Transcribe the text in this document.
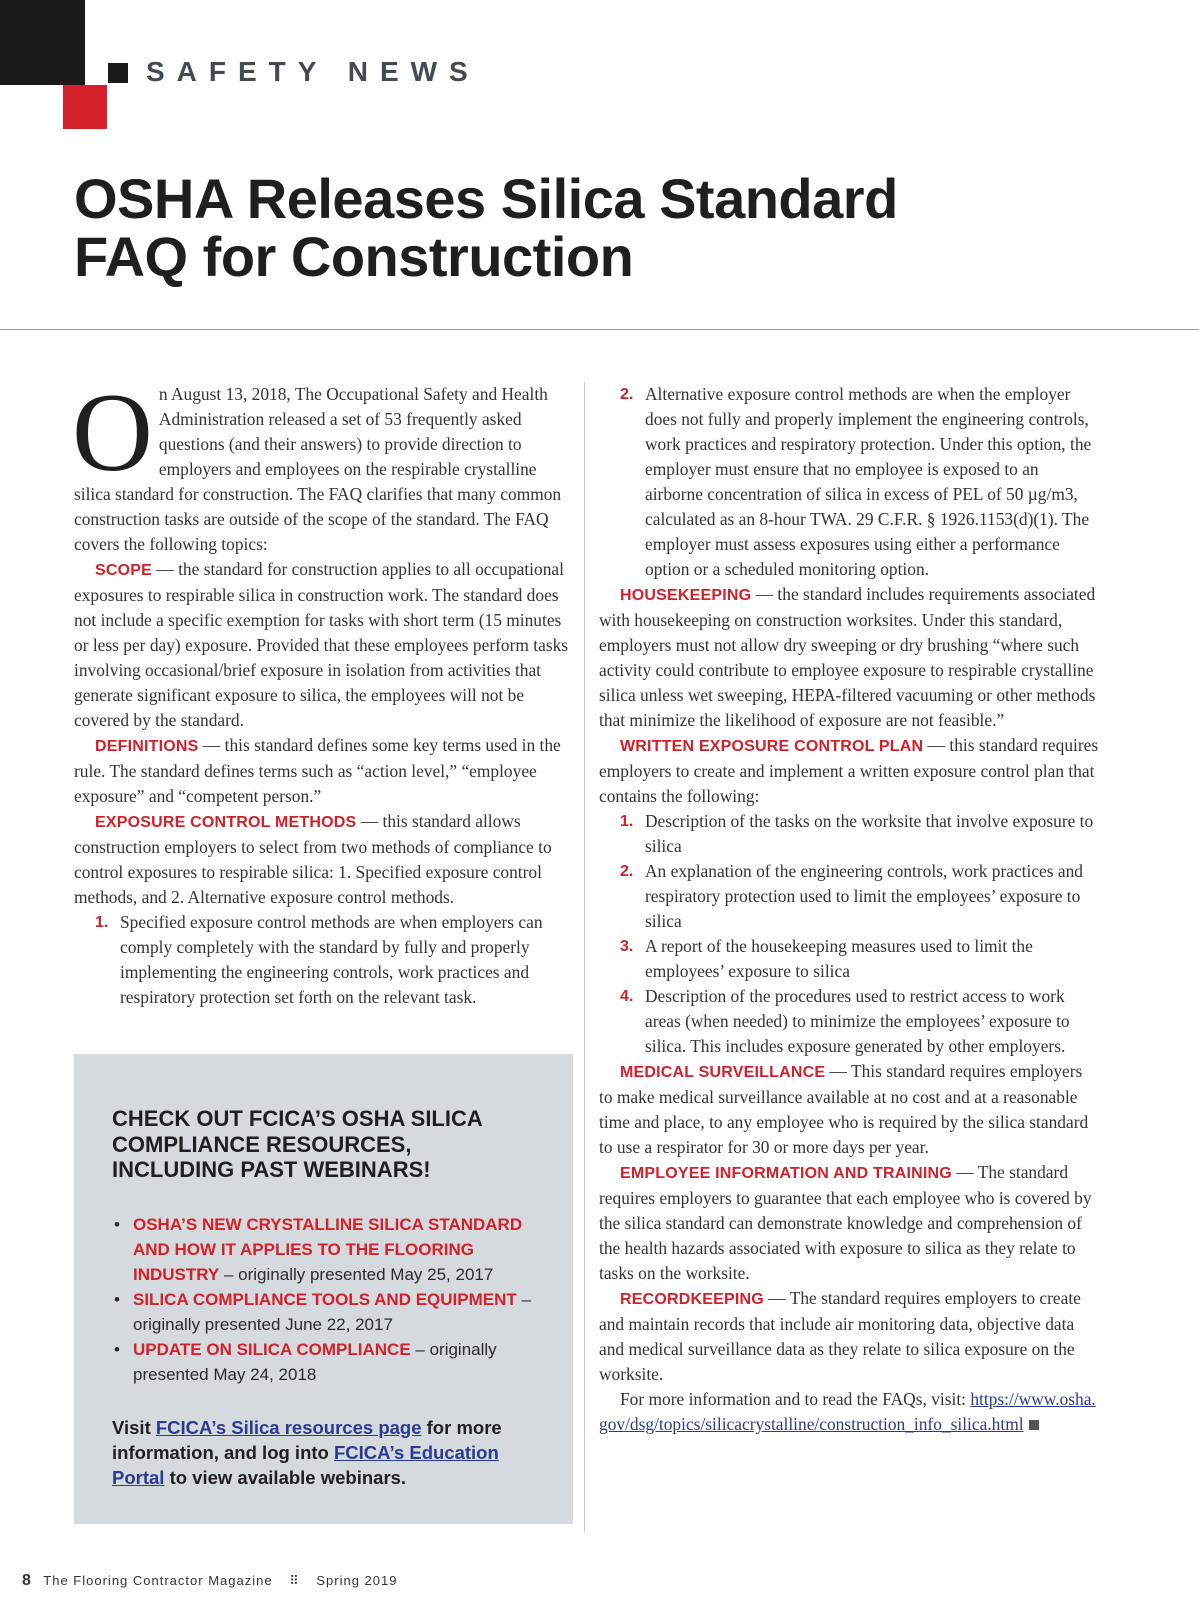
SAFETY NEWS
OSHA Releases Silica Standard
FAQ for Construction

On August 13, 2018, The Occupational Safety and Health Administration released a set of 53 frequently asked questions (and their answers) to provide direction to employers and employees on the respirable crystalline silica standard for construction. The FAQ clarifies that many common construction tasks are outside of the scope of the standard. The FAQ covers the following topics:

SCOPE — the standard for construction applies to all occupational exposures to respirable silica in construction work. The standard does not include a specific exemption for tasks with short term (15 minutes or less per day) exposure. Provided that these employees perform tasks involving occasional/brief exposure in isolation from activities that generate significant exposure to silica, the employees will not be covered by the standard.

DEFINITIONS — this standard defines some key terms used in the rule. The standard defines terms such as “action level,” “employee exposure” and “competent person.”

EXPOSURE CONTROL METHODS — this standard allows construction employers to select from two methods of compliance to control exposures to respirable silica: 1. Specified exposure control methods, and 2. Alternative exposure control methods.

1. Specified exposure control methods are when employers can comply completely with the standard by fully and properly implementing the engineering controls, work practices and respiratory protection set forth on the relevant task.

CHECK OUT FCICA’S OSHA SILICA COMPLIANCE RESOURCES, INCLUDING PAST WEBINARS!
• OSHA’S NEW CRYSTALLINE SILICA STANDARD AND HOW IT APPLIES TO THE FLOORING INDUSTRY – originally presented May 25, 2017
• SILICA COMPLIANCE TOOLS AND EQUIPMENT – originally presented June 22, 2017
• UPDATE ON SILICA COMPLIANCE – originally presented May 24, 2018

Visit FCICA’s Silica resources page for more information, and log into FCICA’s Education Portal to view available webinars.

2. Alternative exposure control methods are when the employer does not fully and properly implement the engineering controls, work practices and respiratory protection. Under this option, the employer must ensure that no employee is exposed to an airborne concentration of silica in excess of PEL of 50 µg/m3, calculated as an 8-hour TWA. 29 C.F.R. § 1926.1153(d)(1). The employer must assess exposures using either a performance option or a scheduled monitoring option.

HOUSEKEEPING — the standard includes requirements associated with housekeeping on construction worksites. Under this standard, employers must not allow dry sweeping or dry brushing “where such activity could contribute to employee exposure to respirable crystalline silica unless wet sweeping, HEPA-filtered vacuuming or other methods that minimize the likelihood of exposure are not feasible.”

WRITTEN EXPOSURE CONTROL PLAN — this standard requires employers to create and implement a written exposure control plan that contains the following:

1. Description of the tasks on the worksite that involve exposure to silica

2. An explanation of the engineering controls, work practices and respiratory protection used to limit the employees’ exposure to silica

3. A report of the housekeeping measures used to limit the employees’ exposure to silica

4. Description of the procedures used to restrict access to work areas (when needed) to minimize the employees’ exposure to silica. This includes exposure generated by other employers.

MEDICAL SURVEILLANCE — This standard requires employers to make medical surveillance available at no cost and at a reasonable time and place, to any employee who is required by the silica standard to use a respirator for 30 or more days per year.

EMPLOYEE INFORMATION AND TRAINING — The standard requires employers to guarantee that each employee who is covered by the silica standard can demonstrate knowledge and comprehension of the health hazards associated with exposure to silica as they relate to tasks on the worksite.

RECORDKEEPING — The standard requires employers to create and maintain records that include air monitoring data, objective data and medical surveillance data as they relate to silica exposure on the worksite.

For more information and to read the FAQs, visit: https://www.osha.gov/dsg/topics/silicacrystalline/construction_info_silica.html

8 The Flooring Contractor Magazine ⠿ Spring 2019
